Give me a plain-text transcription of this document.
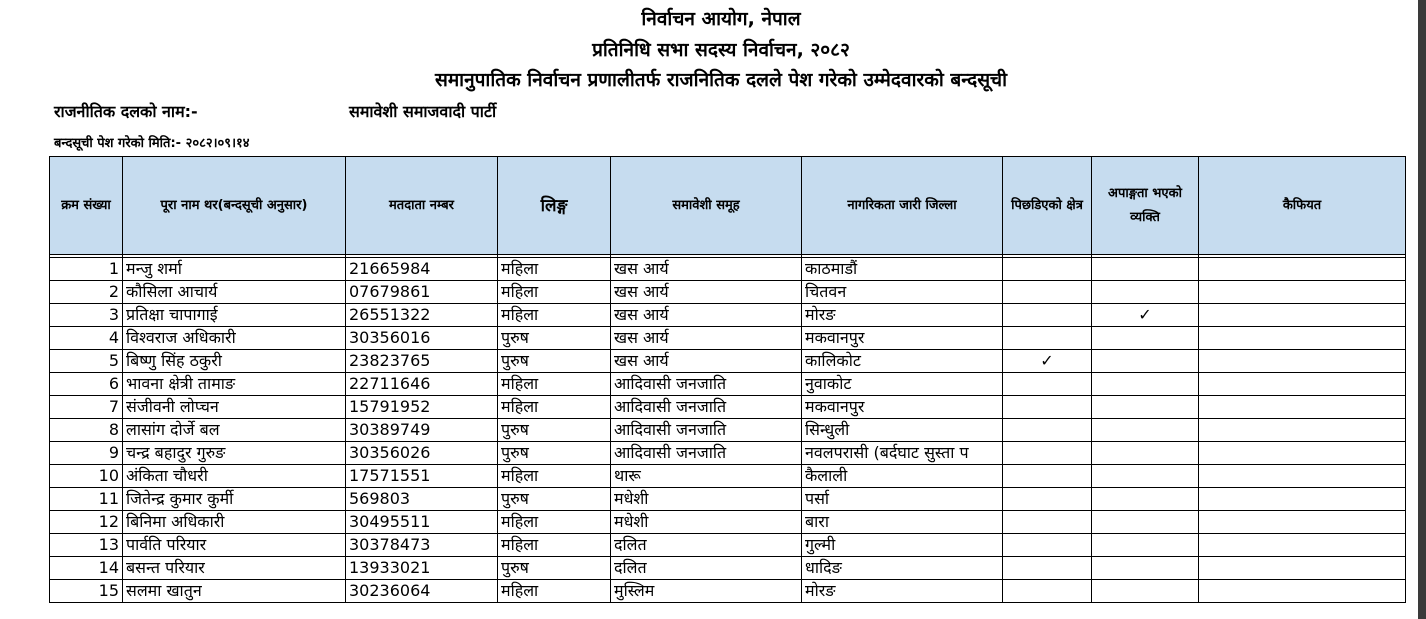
निर्वाचन आयोग, नेपाल
प्रतिनिधि सभा सदस्य निर्वाचन, २०८२
समानुपातिक निर्वाचन प्रणालीतर्फ राजनितिक दलले पेश गरेको उम्मेदवारको बन्दसूची
राजनीतिक दलको नाम:-	समावेशी समाजवादी पार्टी
बन्दसूची पेश गरेको मिति:- २०८२।०९।१४
क्रम संख्या	पूरा नाम थर(बन्दसूची अनुसार)	मतदाता नम्बर	लिङ्ग	समावेशी समूह	नागरिकता जारी जिल्ला	पिछडिएको क्षेत्र	अपाङ्गता भएको व्यक्ति	कैफियत

1	मन्जु शर्मा	21665984	महिला	खस आर्य	काठमाडौं			
2	कौसिला आचार्य	07679861	महिला	खस आर्य	चितवन			
3	प्रतिक्षा चापागाई	26551322	महिला	खस आर्य	मोरङ		✓	
4	विश्वराज अधिकारी	30356016	पुरुष	खस आर्य	मकवानपुर			
5	बिष्णु सिंह ठकुरी	23823765	पुरुष	खस आर्य	कालिकोट	✓		
6	भावना क्षेत्री तामाङ	22711646	महिला	आदिवासी जनजाति	नुवाकोट			
7	संजीवनी लोप्चन	15791952	महिला	आदिवासी जनजाति	मकवानपुर			
8	लासांग दोर्जे बल	30389749	पुरुष	आदिवासी जनजाति	सिन्धुली			
9	चन्द्र बहादुर गुरुङ	30356026	पुरुष	आदिवासी जनजाति	नवलपरासी (बर्दघाट सुस्ता प			
10	अंकिता चौधरी	17571551	महिला	थारू	कैलाली			
11	जितेन्द्र कुमार कुर्मी	569803	पुरुष	मधेशी	पर्सा			
12	बिनिमा अधिकारी	30495511	महिला	मधेशी	बारा			
13	पार्वति परियार	30378473	महिला	दलित	गुल्मी			
14	बसन्त परियार	13933021	पुरुष	दलित	धादिङ			
15	सलमा खातुन	30236064	महिला	मुस्लिम	मोरङ			
